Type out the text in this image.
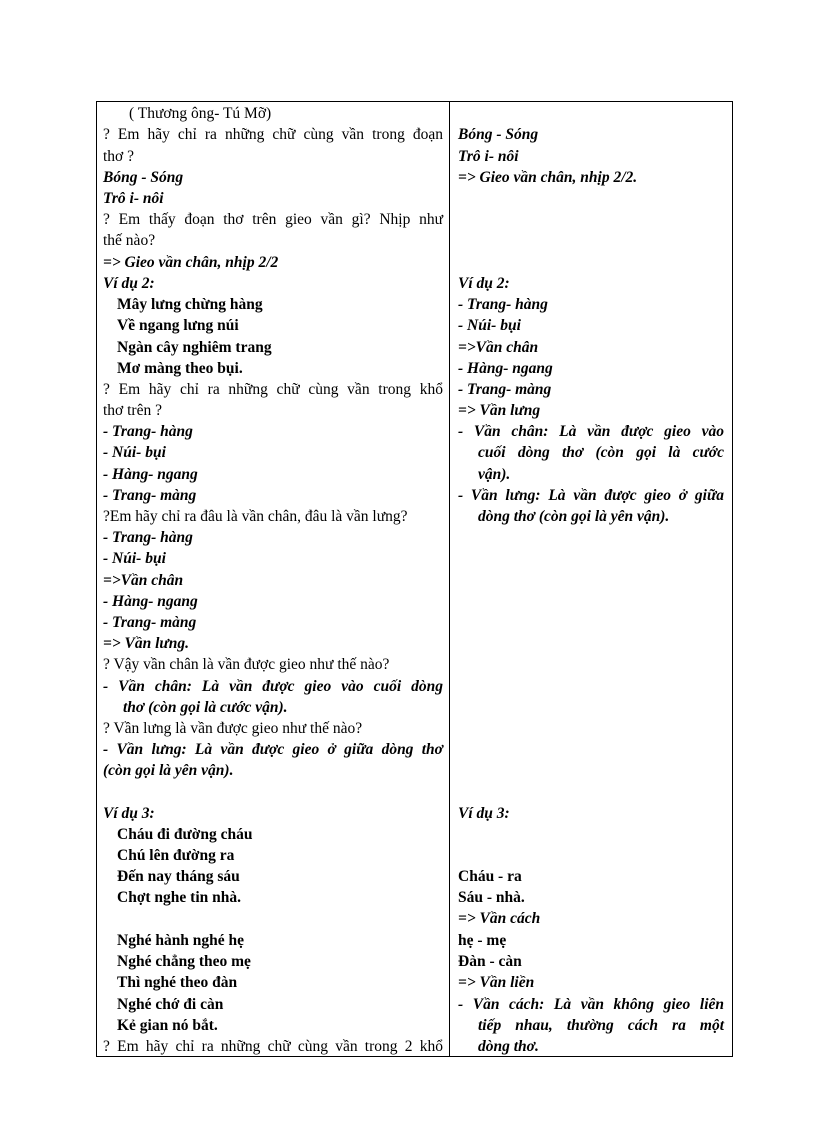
( Thương ông- Tú Mỡ)
? Em hãy chỉ ra những chữ cùng vần trong đoạn
thơ ?
Bóng - Sóng
Trô i- nôi
? Em thấy đoạn thơ trên gieo vần gì? Nhịp như
thế nào?
=> Gieo vần chân, nhịp 2/2
Ví dụ 2:
Mây lưng chừng hàng
Về ngang lưng núi
Ngàn cây nghiêm trang
Mơ màng theo bụi.
? Em hãy chỉ ra những chữ cùng vần trong khổ
thơ trên ?
- Trang- hàng
- Núi- bụi
- Hàng- ngang
- Trang- màng
?Em hãy chỉ ra đâu là vần chân, đâu là vần lưng?
- Trang- hàng
- Núi- bụi
=>Vần chân
- Hàng- ngang
- Trang- màng
=> Vần lưng.
? Vậy vần chân là vần được gieo như thế nào?
- Vần chân: Là vần được gieo vào cuối dòng
thơ (còn gọi là cước vận).
? Vần lưng là vần được gieo như thế nào?
- Vần lưng: Là vần được gieo ở giữa dòng thơ
(còn gọi là yên vận).
Ví dụ 3:
Cháu đi đường cháu
Chú lên đường ra
Đến nay tháng sáu
Chợt nghe tin nhà.
Nghé hành nghé hẹ
Nghé chẳng theo mẹ
Thì nghé theo đàn
Nghé chớ đi càn
Kẻ gian nó bắt.
? Em hãy chỉ ra những chữ cùng vần trong 2 khổ
Bóng - Sóng
Trô i- nôi
=> Gieo vần chân, nhịp 2/2.
Ví dụ 2:
- Trang- hàng
- Núi- bụi
=>Vần chân
- Hàng- ngang
- Trang- màng
=> Vần lưng
- Vần chân: Là vần được gieo vào
cuối dòng thơ (còn gọi là cước
vận).
- Vần lưng: Là vần được gieo ở giữa
dòng thơ (còn gọi là yên vận).
Ví dụ 3:
Cháu - ra
Sáu - nhà.
=> Vần cách
hẹ - mẹ
Đàn - càn
=> Vần liền
- Vần cách: Là vần không gieo liên
tiếp nhau, thường cách ra một
dòng thơ.
